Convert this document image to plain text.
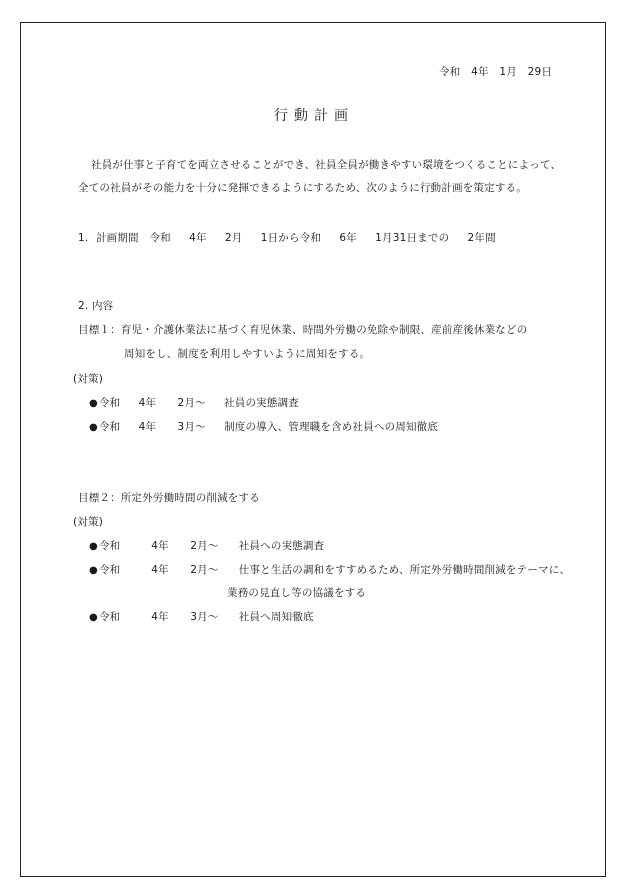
令和　4年　1月　29日
行動計画
社員が仕事と子育てを両立させることができ、社員全員が働きやすい環境をつくることによって、
全ての社員がその能力を十分に発揮できるようにするため、次のように行動計画を策定する。
1. 計画期間　令和　 4年　 2月　 1日から令和　 6年　 1月31日までの　 2年間
2. 内容
目標１：育児・介護休業法に基づく育児休業、時間外労働の免除や制限、産前産後休業などの
周知をし、制度を利用しやすいように周知をする。
(対策)
●令和　 4年　　2月～　 社員の実態調査
●令和　 4年　　3月～　 制度の導入、管理職を含め社員への周知徹底
目標２：所定外労働時間の削減をする
(対策)
●令和　　 4年　　2月～　 社員への実態調査
●令和　　 4年　　2月～　 仕事と生活の調和をすすめるため、所定外労働時間削減をテーマに、
業務の見直し等の協議をする
●令和　　 4年　　3月～　 社員へ周知徹底
